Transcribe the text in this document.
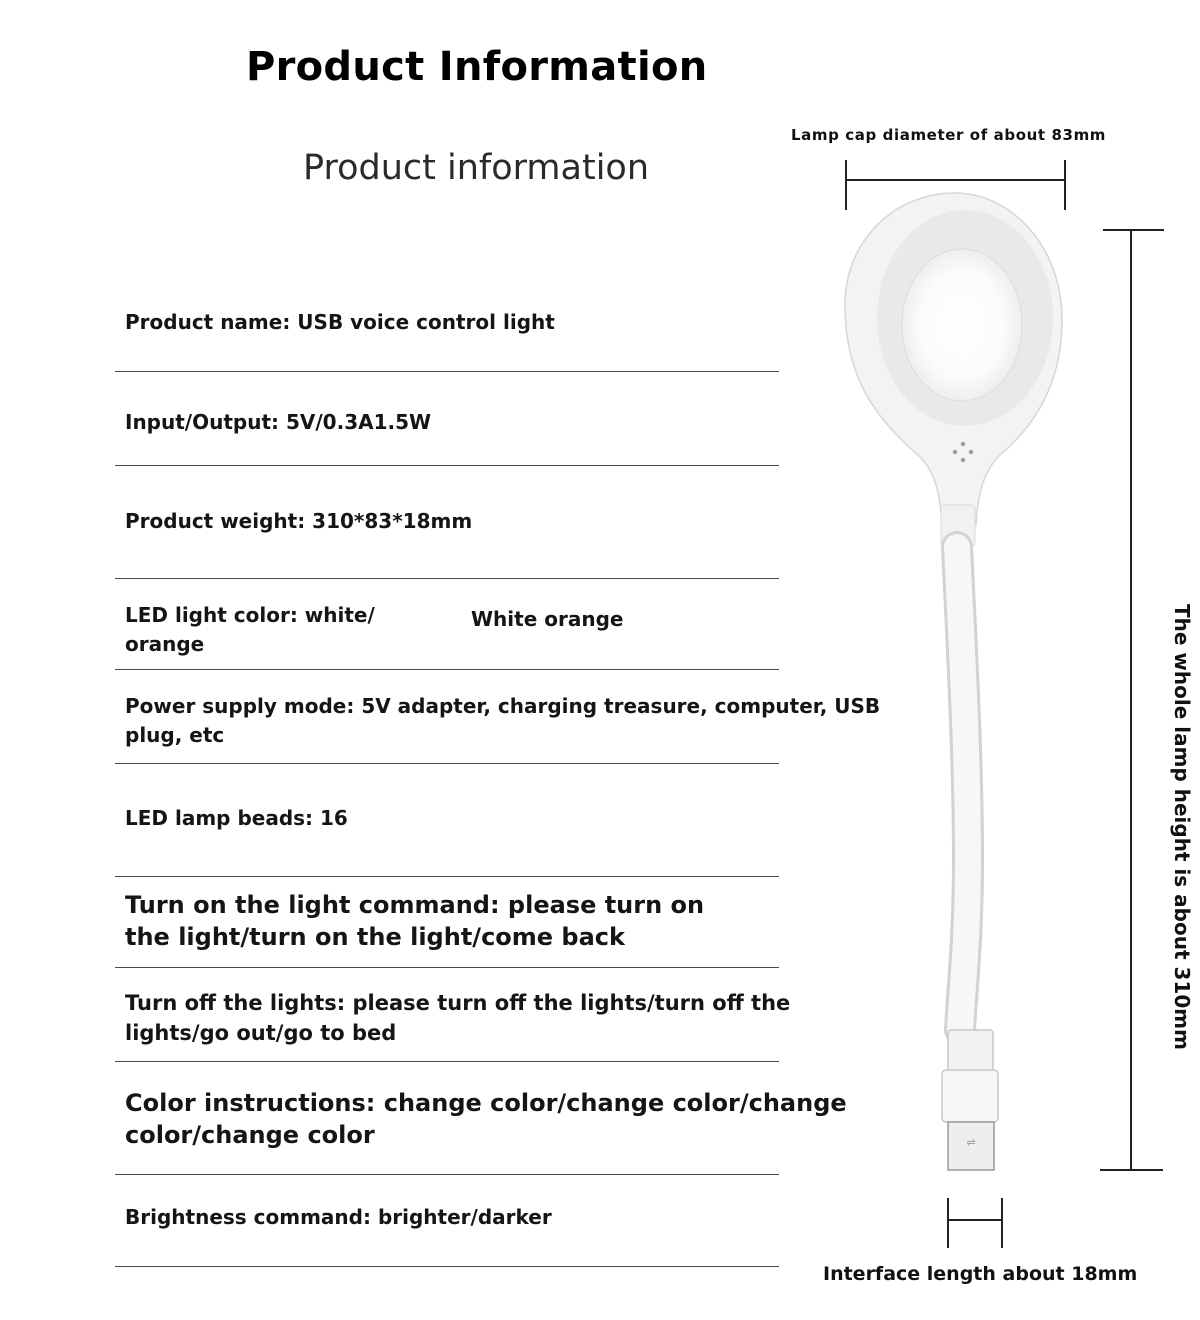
Product Information
Product information
Product name: USB voice control light
Input/Output: 5V/0.3A1.5W
Product weight: 310*83*18mm
LED light color: white/ orange
White orange
Power supply mode: 5V adapter, charging treasure, computer, USB plug, etc
LED lamp beads: 16
Turn on the light command: please turn on the light/turn on the light/come back
Turn off the lights: please turn off the lights/turn off the lights/go out/go to bed
Color instructions: change color/change color/change color/change color
Brightness command: brighter/darker
⇌
Lamp cap diameter of about 83mm
The whole lamp height is about 310mm
Interface length about 18mm
